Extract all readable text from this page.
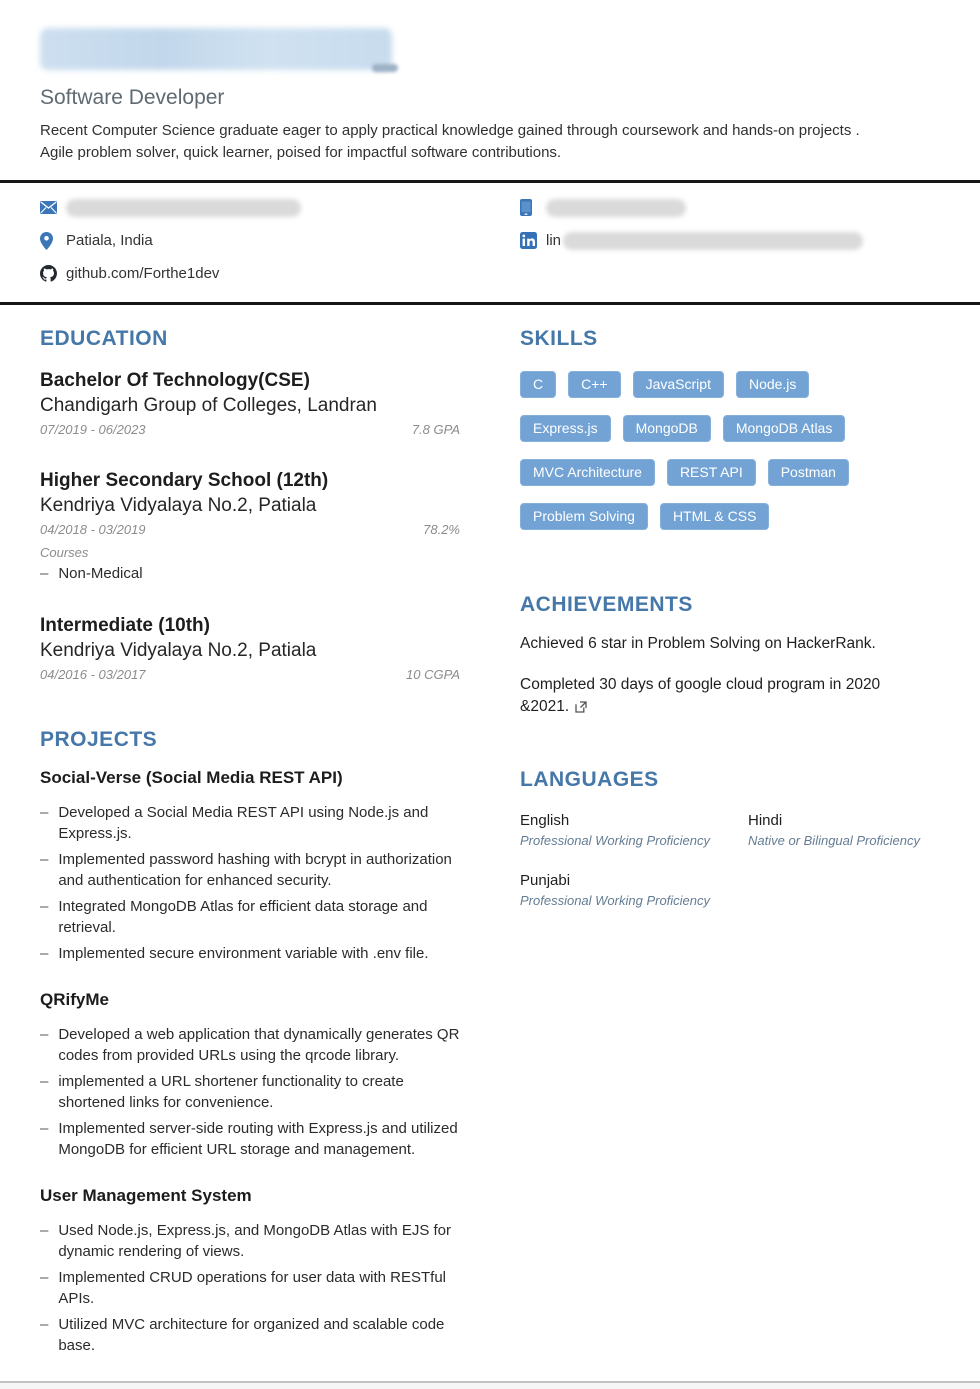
Software Developer

Recent Computer Science graduate eager to apply practical knowledge gained through coursework and hands-on projects . Agile problem solver, quick learner, poised for impactful software contributions.

Patiala, India
github.com/Forthe1dev
lin
EDUCATION
Bachelor Of Technology(CSE)
Chandigarh Group of Colleges, Landran
07/2019 - 06/2023	7.8 GPA
Higher Secondary School (12th)
Kendriya Vidyalaya No.2, Patiala
04/2018 - 03/2019	78.2%
Courses
– Non-Medical
Intermediate (10th)
Kendriya Vidyalaya No.2, Patiala
04/2016 - 03/2017	10 CGPA
PROJECTS
Social-Verse (Social Media REST API)
– Developed a Social Media REST API using Node.js and Express.js.
– Implemented password hashing with bcrypt in authorization and authentication for enhanced security.
– Integrated MongoDB Atlas for efficient data storage and retrieval.
– Implemented secure environment variable with .env file.
QRifyMe
– Developed a web application that dynamically generates QR codes from provided URLs using the qrcode library.
– implemented a URL shortener functionality to create shortened links for convenience.
– Implemented server-side routing with Express.js and utilized MongoDB for efficient URL storage and management.
User Management System
– Used Node.js, Express.js, and MongoDB Atlas with EJS for dynamic rendering of views.
– Implemented CRUD operations for user data with RESTful APIs.
– Utilized MVC architecture for organized and scalable code base.
SKILLS
C	C++	JavaScript	Node.js
Express.js	MongoDB	MongoDB Atlas
MVC Architecture	REST API	Postman
Problem Solving	HTML & CSS
ACHIEVEMENTS
Achieved 6 star in Problem Solving on HackerRank.
Completed 30 days of google cloud program in 2020 &2021.
LANGUAGES
English
Professional Working Proficiency
Hindi
Native or Bilingual Proficiency
Punjabi
Professional Working Proficiency
